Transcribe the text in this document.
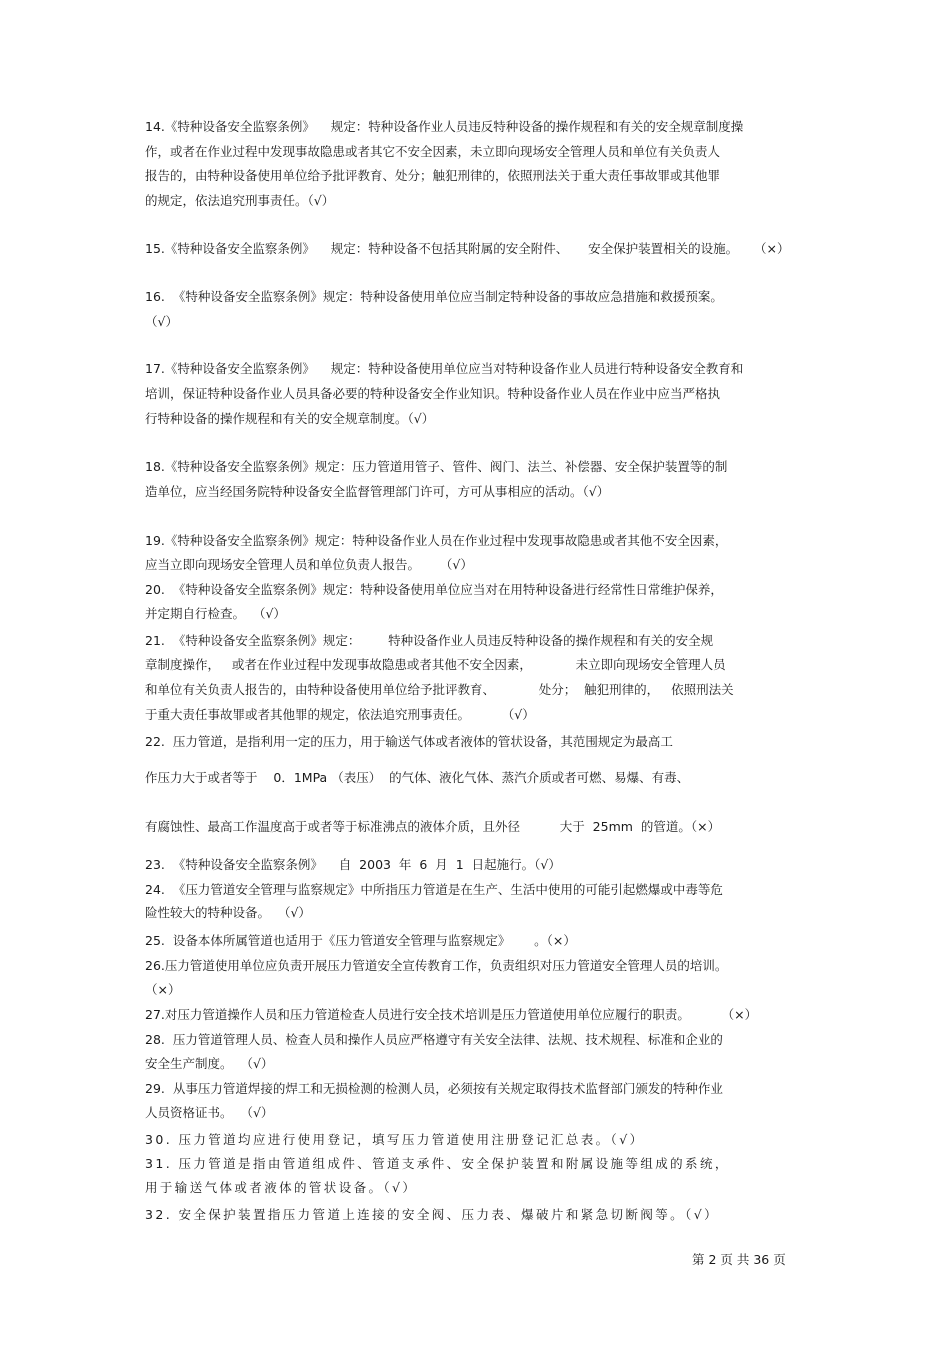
14.《特种设备安全监察条例》    规定：特种设备作业人员违反特种设备的操作规程和有关的安全规章制度操

作，或者在作业过程中发现事故隐患或者其它不安全因素，未立即向现场安全管理人员和单位有关负责人

报告的，由特种设备使用单位给予批评教育、处分；触犯刑律的，依照刑法关于重大责任事故罪或其他罪

的规定，依法追究刑事责任。（√）

15.《特种设备安全监察条例》    规定：特种设备不包括其附属的安全附件、     安全保护装置相关的设施。    （×）

16.  《特种设备安全监察条例》规定：特种设备使用单位应当制定特种设备的事故应急措施和救援预案。

（√）

17.《特种设备安全监察条例》    规定：特种设备使用单位应当对特种设备作业人员进行特种设备安全教育和

培训，保证特种设备作业人员具备必要的特种设备安全作业知识。特种设备作业人员在作业中应当严格执

行特种设备的操作规程和有关的安全规章制度。（√）

18.《特种设备安全监察条例》规定：压力管道用管子、管件、阀门、法兰、补偿器、安全保护装置等的制

造单位，应当经国务院特种设备安全监督管理部门许可，方可从事相应的活动。（√）

19.《特种设备安全监察条例》规定：特种设备作业人员在作业过程中发现事故隐患或者其他不安全因素，

应当立即向现场安全管理人员和单位负责人报告。     （√）

20.  《特种设备安全监察条例》规定：特种设备使用单位应当对在用特种设备进行经常性日常维护保养，

并定期自行检查。  （√）

21.  《特种设备安全监察条例》规定：       特种设备作业人员违反特种设备的操作规程和有关的安全规

章制度操作，   或者在作业过程中发现事故隐患或者其他不安全因素，           未立即向现场安全管理人员

和单位有关负责人报告的，由特种设备使用单位给予批评教育、           处分；  触犯刑律的，   依照刑法关

于重大责任事故罪或者其他罪的规定，依法追究刑事责任。        （√）

22.  压力管道，是指利用一定的压力，用于输送气体或者液体的管状设备，其范围规定为最高工

作压力大于或者等于    0．1MPa （表压）  的气体、液化气体、蒸汽介质或者可燃、易爆、有毒、

有腐蚀性、最高工作温度高于或者等于标准沸点的液体介质，且外径          大于  25mm  的管道。（×）

23.  《特种设备安全监察条例》    自  2003  年  6  月  1  日起施行。（√）

24.  《压力管道安全管理与监察规定》中所指压力管道是在生产、生活中使用的可能引起燃爆或中毒等危

险性较大的特种设备。  （√）

25.  设备本体所属管道也适用于《压力管道安全管理与监察规定》      。（×）

26.压力管道使用单位应负责开展压力管道安全宣传教育工作，负责组织对压力管道安全管理人员的培训。

（×）

27.对压力管道操作人员和压力管道检查人员进行安全技术培训是压力管道使用单位应履行的职责。        （×）

28.  压力管道管理人员、检查人员和操作人员应严格遵守有关安全法律、法规、技术规程、标准和企业的

安全生产制度。  （√）

29.  从事压力管道焊接的焊工和无损检测的检测人员，必须按有关规定取得技术监督部门颁发的特种作业

人员资格证书。  （√）

30. 压力管道均应进行使用登记，填写压力管道使用注册登记汇总表。（√）

31. 压力管道是指由管道组成件、管道支承件、安全保护装置和附属设施等组成的系统，

用于输送气体或者液体的管状设备。（√）

32. 安全保护装置指压力管道上连接的安全阀、压力表、爆破片和紧急切断阀等。（√）

第 2 页 共 36 页
